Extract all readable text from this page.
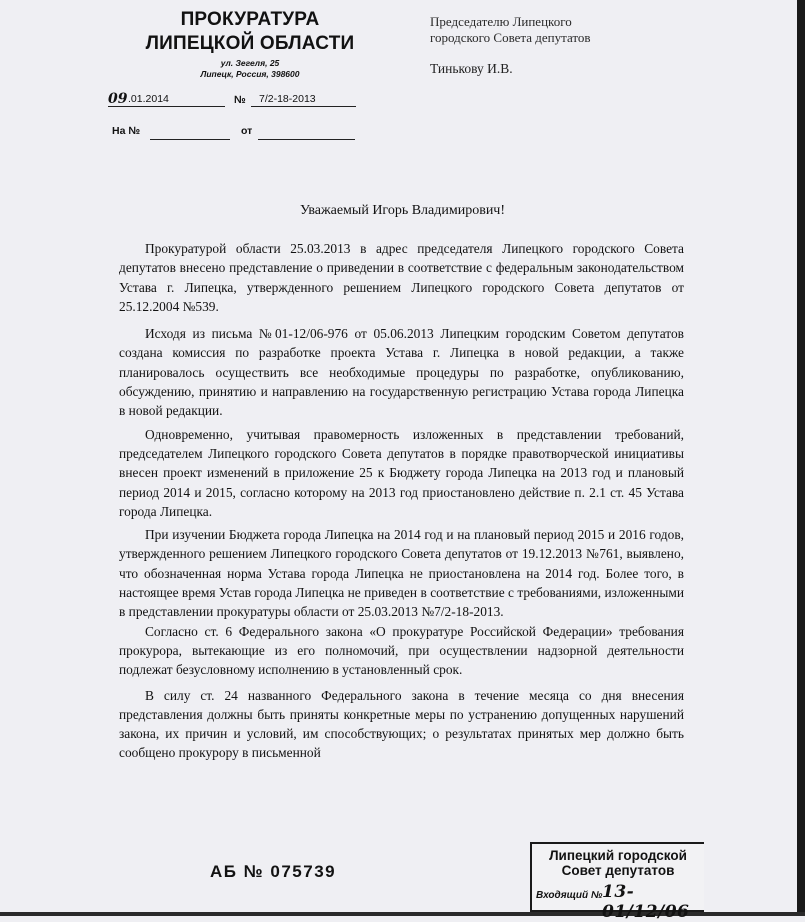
ПРОКУРАТУРА
ЛИПЕЦКОЙ ОБЛАСТИ
ул. Зегеля, 25
Липецк, Россия, 398600
Председателю Липецкого
городского Совета депутатов
Тинькову И.В.
09 .01.2014	№ 7/2-18-2013
На №	от
Уважаемый Игорь Владимирович!

Прокуратурой области 25.03.2013 в адрес председателя Липецкого городского Совета депутатов внесено представление о приведении в соответствие с федеральным законодательством Устава г. Липецка, утвержденного решением Липецкого городского Совета депутатов от 25.12.2004 №539.

Исходя из письма №01-12/06-976 от 05.06.2013 Липецким городским Советом депутатов создана комиссия по разработке проекта Устава г. Липецка в новой редакции, а также планировалось осуществить все необходимые процедуры по разработке, опубликованию, обсуждению, принятию и направлению на государственную регистрацию Устава города Липецка в новой редакции.

Одновременно, учитывая правомерность изложенных в представлении требований, председателем Липецкого городского Совета депутатов в порядке правотворческой инициативы внесен проект изменений в приложение 25 к Бюджету города Липецка на 2013 год и плановый период 2014 и 2015, согласно которому на 2013 год приостановлено действие п. 2.1 ст. 45 Устава города Липецка.

При изучении Бюджета города Липецка на 2014 год и на плановый период 2015 и 2016 годов, утвержденного решением Липецкого городского Совета депутатов от 19.12.2013 №761, выявлено, что обозначенная норма Устава города Липецка не приостановлена на 2014 год. Более того, в настоящее время Устав города Липецка не приведен в соответствие с требованиями, изложенными в представлении прокуратуры области от 25.03.2013 №7/2-18-2013.

Согласно ст. 6 Федерального закона «О прокуратуре Российской Федерации» требования прокурора, вытекающие из его полномочий, при осуществлении надзорной деятельности подлежат безусловному исполнению в установленный срок.

В силу ст. 24 названного Федерального закона в течение месяца со дня внесения представления должны быть приняты конкретные меры по устранению допущенных нарушений закона, их причин и условий, им способствующих; о результатах принятых мер должно быть сообщено прокурору в письменной

АБ № 075739
Липецкий городской
Совет депутатов
Входящий № 13-01/12/06
